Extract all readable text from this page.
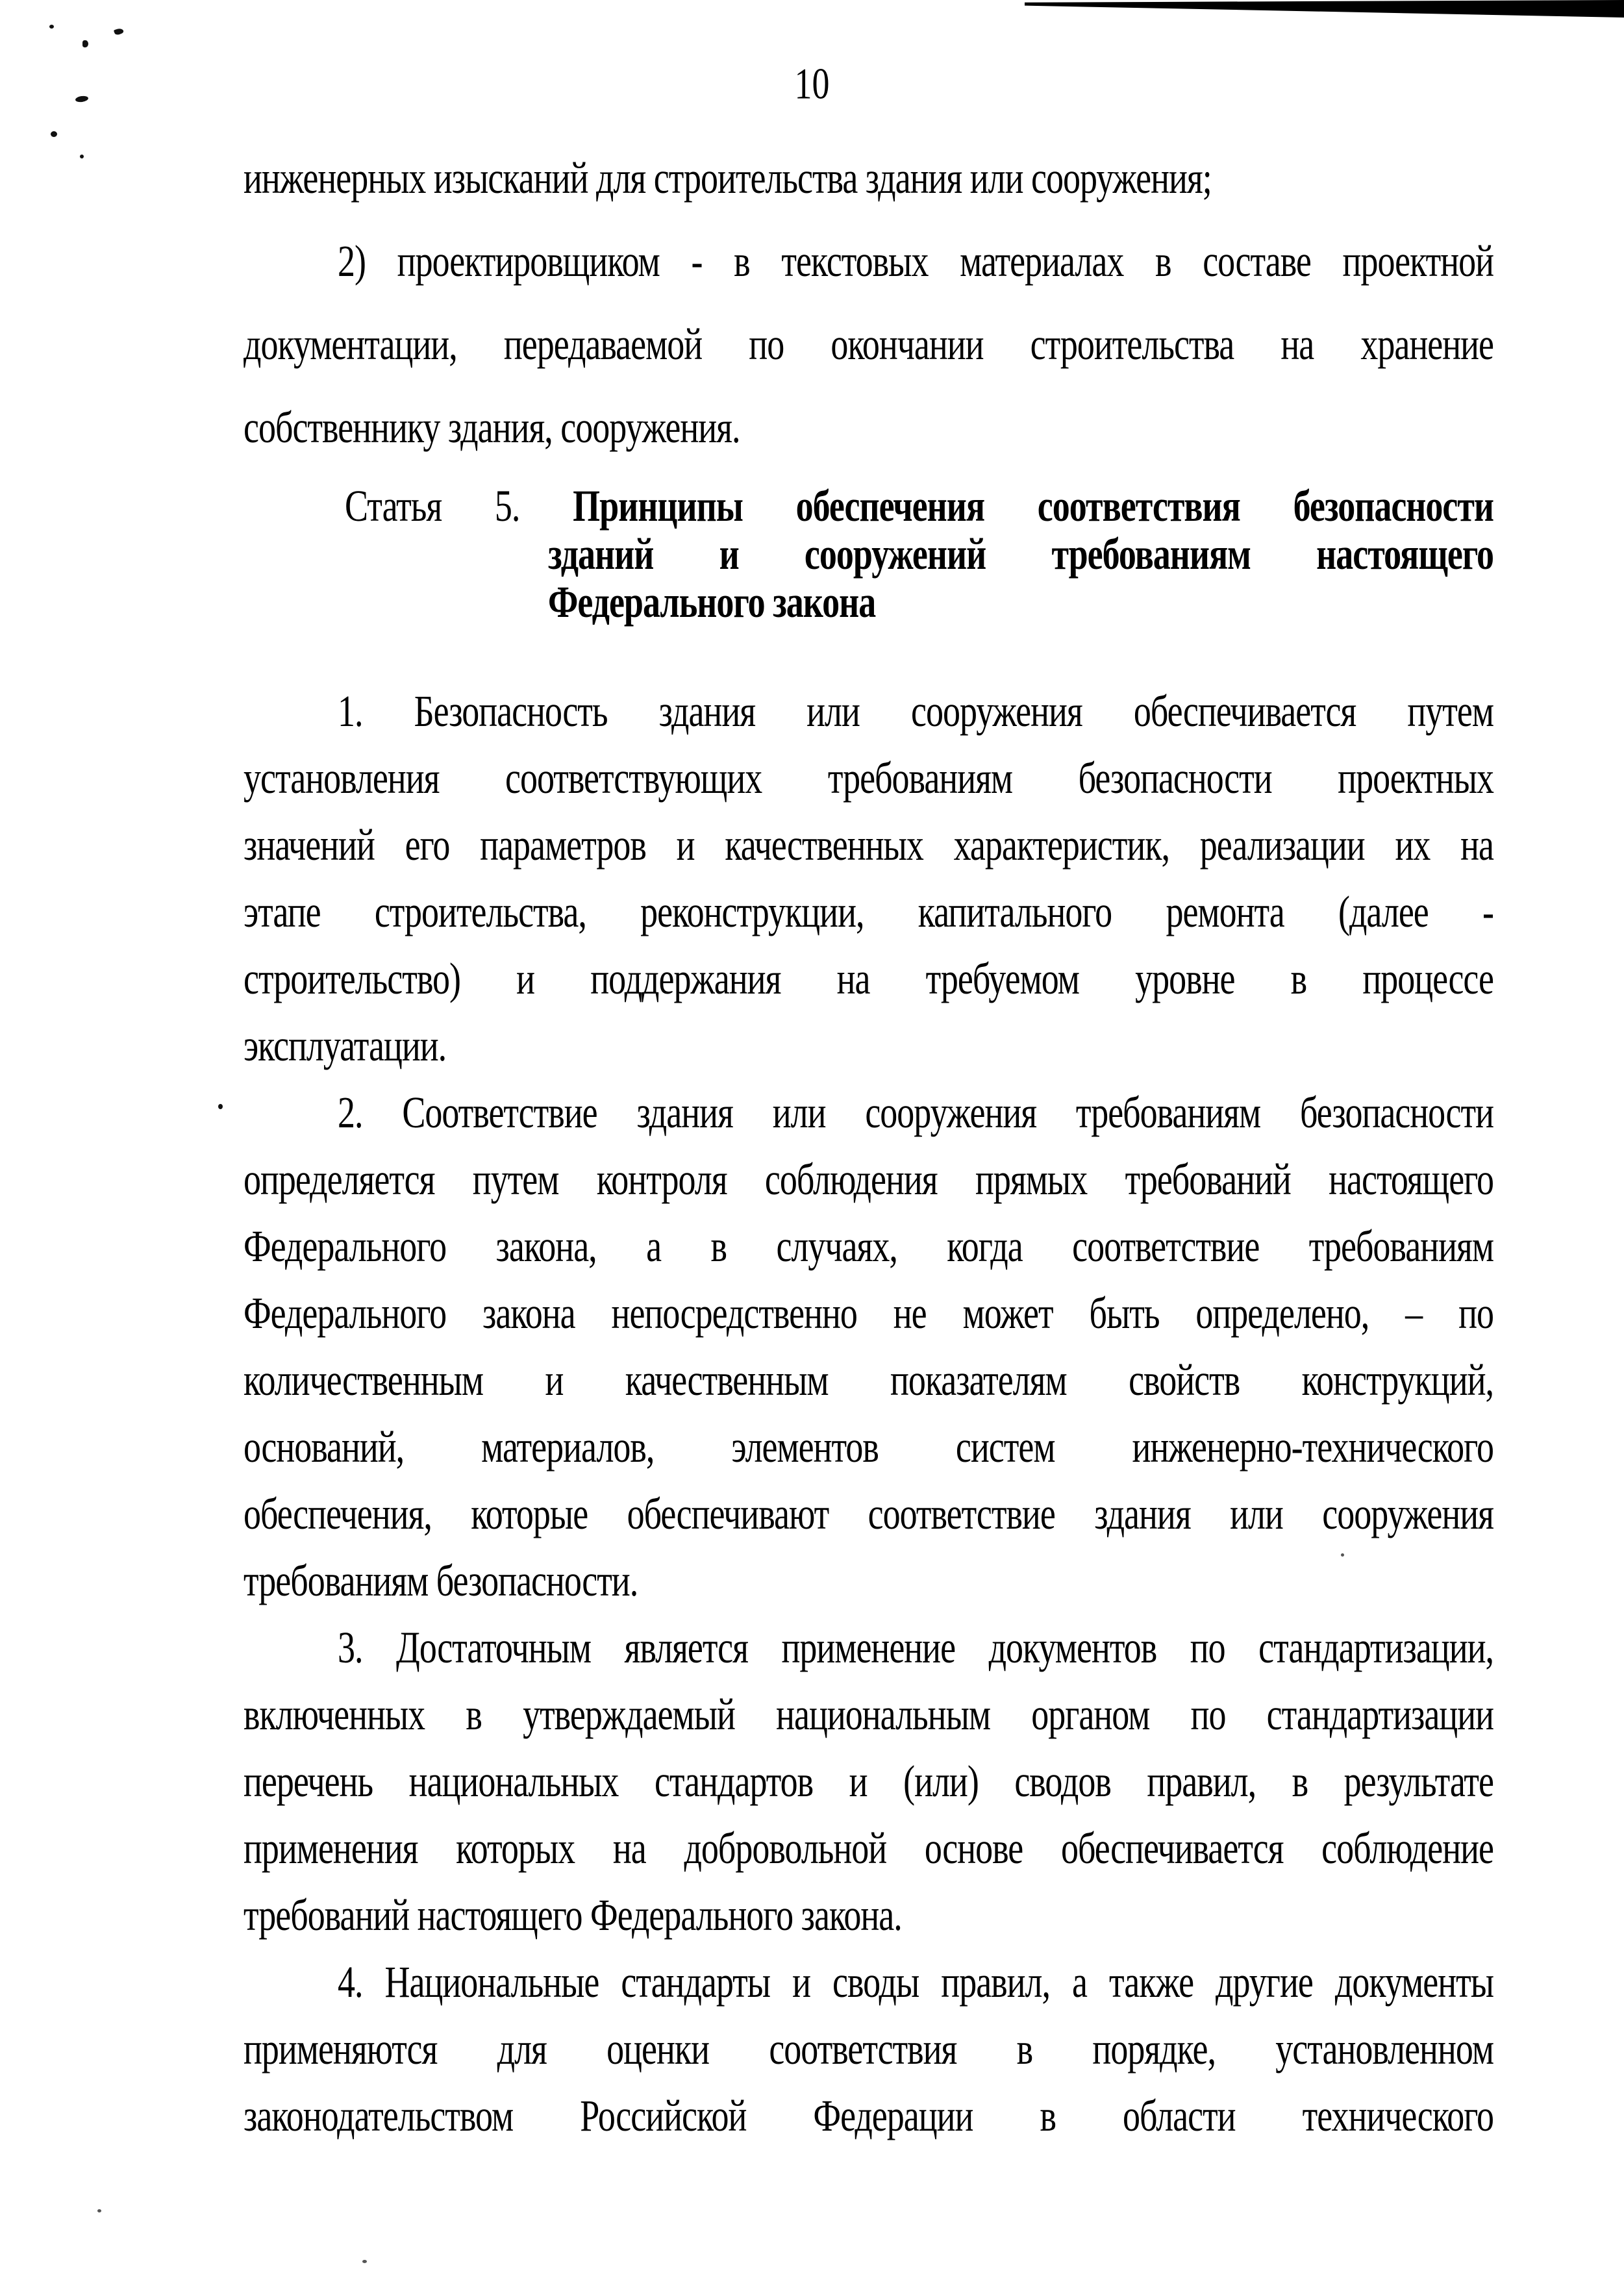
10
инженерных изысканий для строительства здания или сооружения;
2) проектировщиком - в текстовых материалах в составе проектной
документации, передаваемой по окончании строительства на хранение
собственнику здания, сооружения.
Статья 5. Принципы обеспечения соответствия безопасности
зданий и сооружений требованиям настоящего
Федерального закона
1. Безопасность здания или сооружения обеспечивается путем
установления соответствующих требованиям безопасности проектных
значений его параметров и качественных характеристик, реализации их на
этапе строительства, реконструкции, капитального ремонта (далее -
строительство) и поддержания на требуемом уровне в процессе
эксплуатации.
2. Соответствие здания или сооружения требованиям безопасности
определяется путем контроля соблюдения прямых требований настоящего
Федерального закона, а в случаях, когда соответствие требованиям
Федерального закона непосредственно не может быть определено, – по
количественным и качественным показателям свойств конструкций,
оснований, материалов, элементов систем инженерно-технического
обеспечения, которые обеспечивают соответствие здания или сооружения
требованиям безопасности.
3. Достаточным является применение документов по стандартизации,
включенных в утверждаемый национальным органом по стандартизации
перечень национальных стандартов и (или) сводов правил, в результате
применения которых на добровольной основе обеспечивается соблюдение
требований настоящего Федерального закона.
4. Национальные стандарты и своды правил, а также другие документы
применяются для оценки соответствия в порядке, установленном
законодательством Российской Федерации в области технического
